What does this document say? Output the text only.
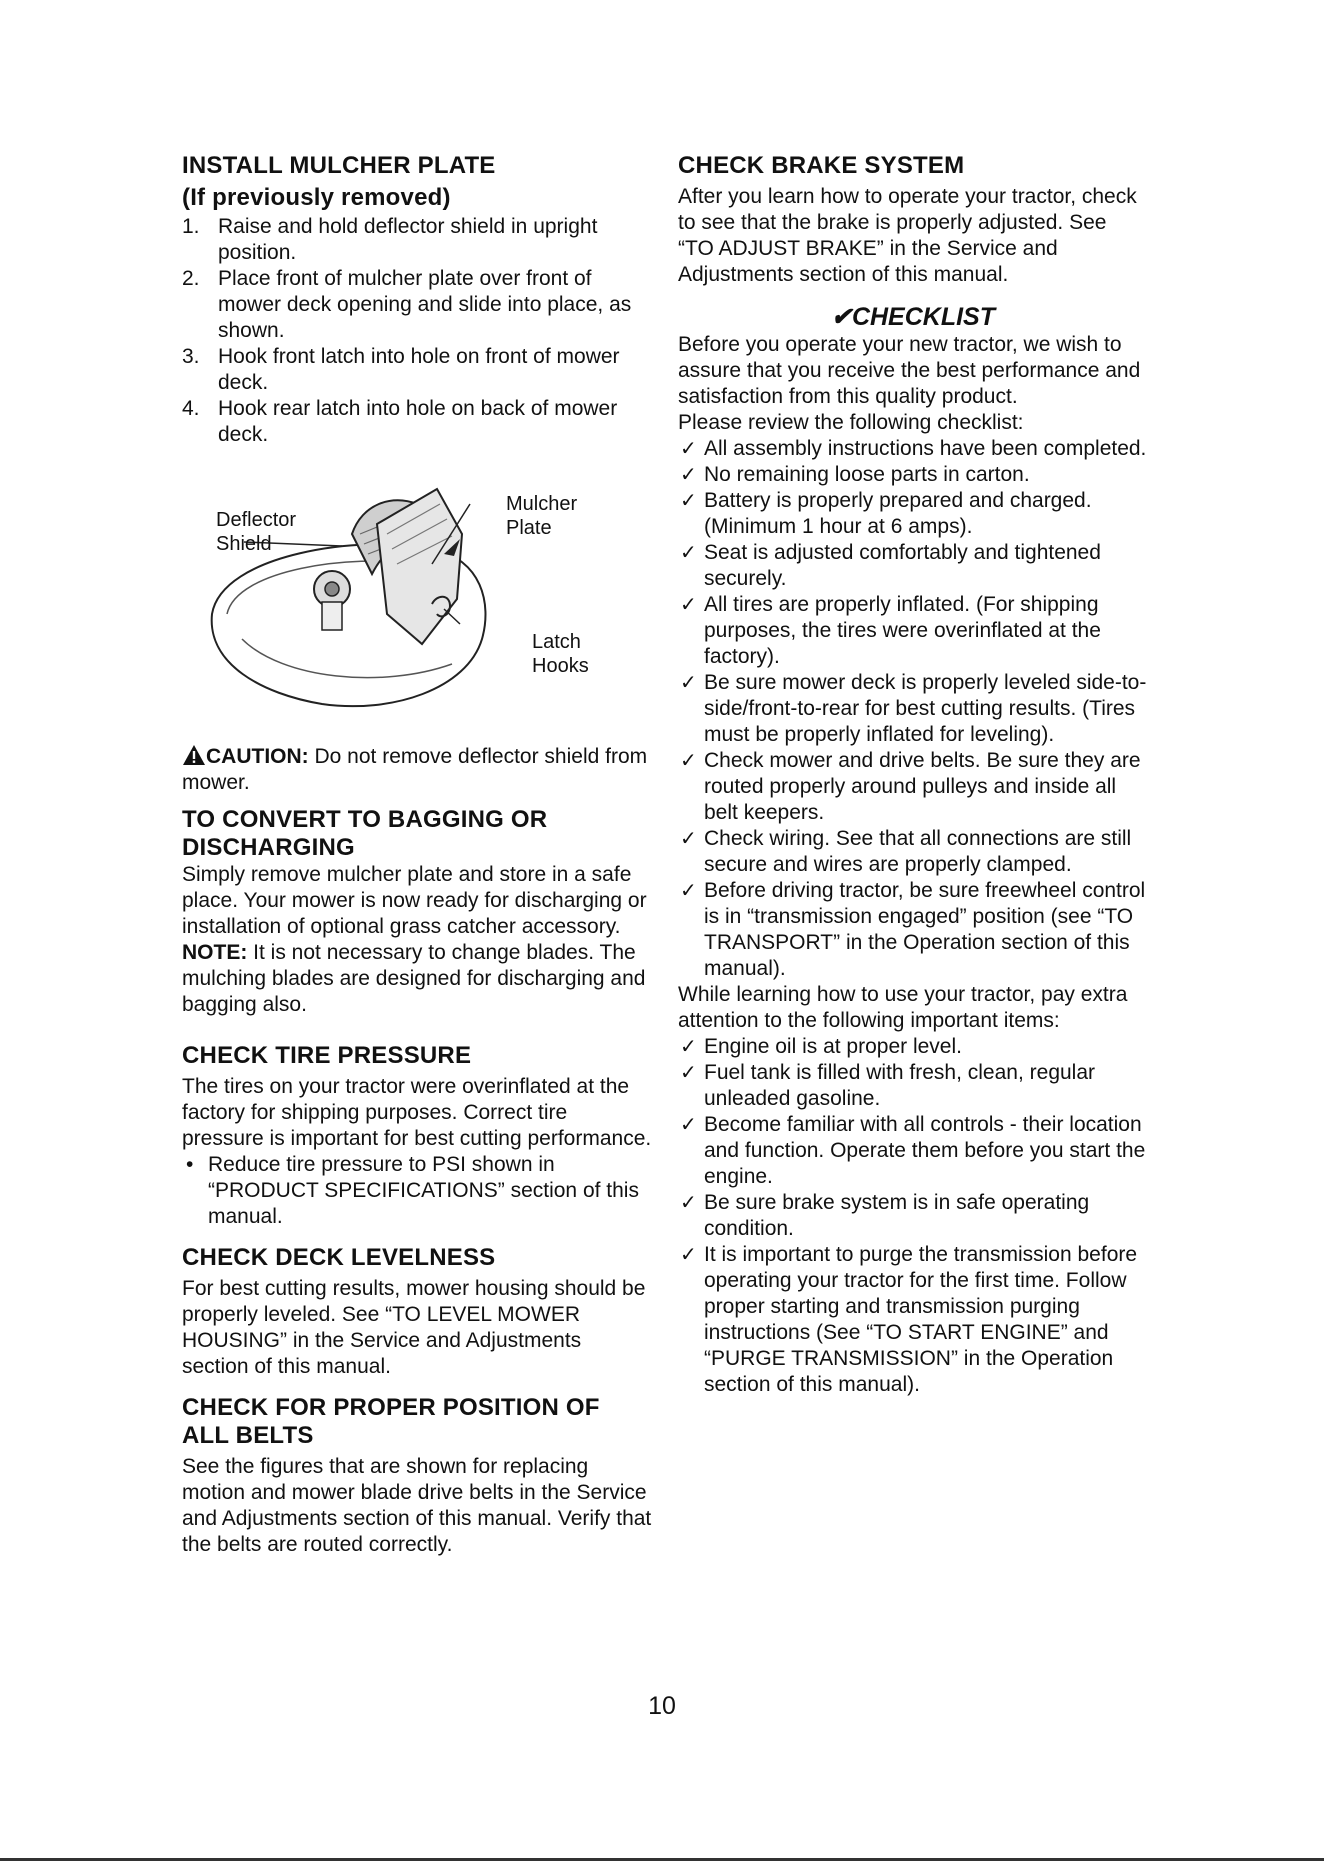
INSTALL MULCHER PLATE
(If previously removed)
1. Raise and hold deflector shield in upright position.
2. Place front of mulcher plate over front of mower deck opening and slide into place, as shown.
3. Hook front latch into hole on front of mower deck.
4. Hook rear latch into hole on back of mower deck.
Deflector
Shield
Mulcher
Plate
Latch
Hooks

CAUTION: Do not remove deflector shield from mower.

TO CONVERT TO BAGGING OR DISCHARGING

Simply remove mulcher plate and store in a safe place. Your mower is now ready for discharging or installation of optional grass catcher accessory.

NOTE: It is not necessary to change blades. The mulching blades are designed for discharging and bagging also.

CHECK TIRE PRESSURE

The tires on your tractor were overinflated at the factory for shipping purposes. Correct tire pressure is important for best cutting performance.

• Reduce tire pressure to PSI shown in “PRODUCT SPECIFICATIONS” section of this manual.
CHECK DECK LEVELNESS

For best cutting results, mower housing should be properly leveled. See “TO LEVEL MOWER HOUSING” in the Service and Adjustments section of this manual.

CHECK FOR PROPER POSITION OF ALL BELTS

See the figures that are shown for replacing motion and mower blade drive belts in the Service and Adjustments section of this manual. Verify that the belts are routed correctly.

CHECK BRAKE SYSTEM

After you learn how to operate your tractor, check to see that the brake is properly adjusted. See “TO ADJUST BRAKE” in the Service and Adjustments section of this manual.

✔CHECKLIST

Before you operate your new tractor, we wish to assure that you receive the best performance and satisfaction from this quality product.

Please review the following checklist:

✓ All assembly instructions have been completed.
✓ No remaining loose parts in carton.
✓ Battery is properly prepared and charged. (Minimum 1 hour at 6 amps).
✓ Seat is adjusted comfortably and tightened securely.
✓ All tires are properly inflated. (For shipping purposes, the tires were overinflated at the factory).
✓ Be sure mower deck is properly leveled side-to-side/front-to-rear for best cutting results. (Tires must be properly inflated for leveling).
✓ Check mower and drive belts. Be sure they are routed properly around pulleys and inside all belt keepers.
✓ Check wiring. See that all connections are still secure and wires are properly clamped.
✓ Before driving tractor, be sure freewheel control is in “transmission engaged” position (see “TO TRANSPORT” in the Operation section of this manual).

While learning how to use your tractor, pay extra attention to the following important items:

✓ Engine oil is at proper level.
✓ Fuel tank is filled with fresh, clean, regular unleaded gasoline.
✓ Become familiar with all controls - their location and function. Operate them before you start the engine.
✓ Be sure brake system is in safe operating condition.
✓ It is important to purge the transmission before operating your tractor for the first time. Follow proper starting and transmission purging instructions (See “TO START ENGINE” and “PURGE TRANSMISSION” in the Operation section of this manual).
10
